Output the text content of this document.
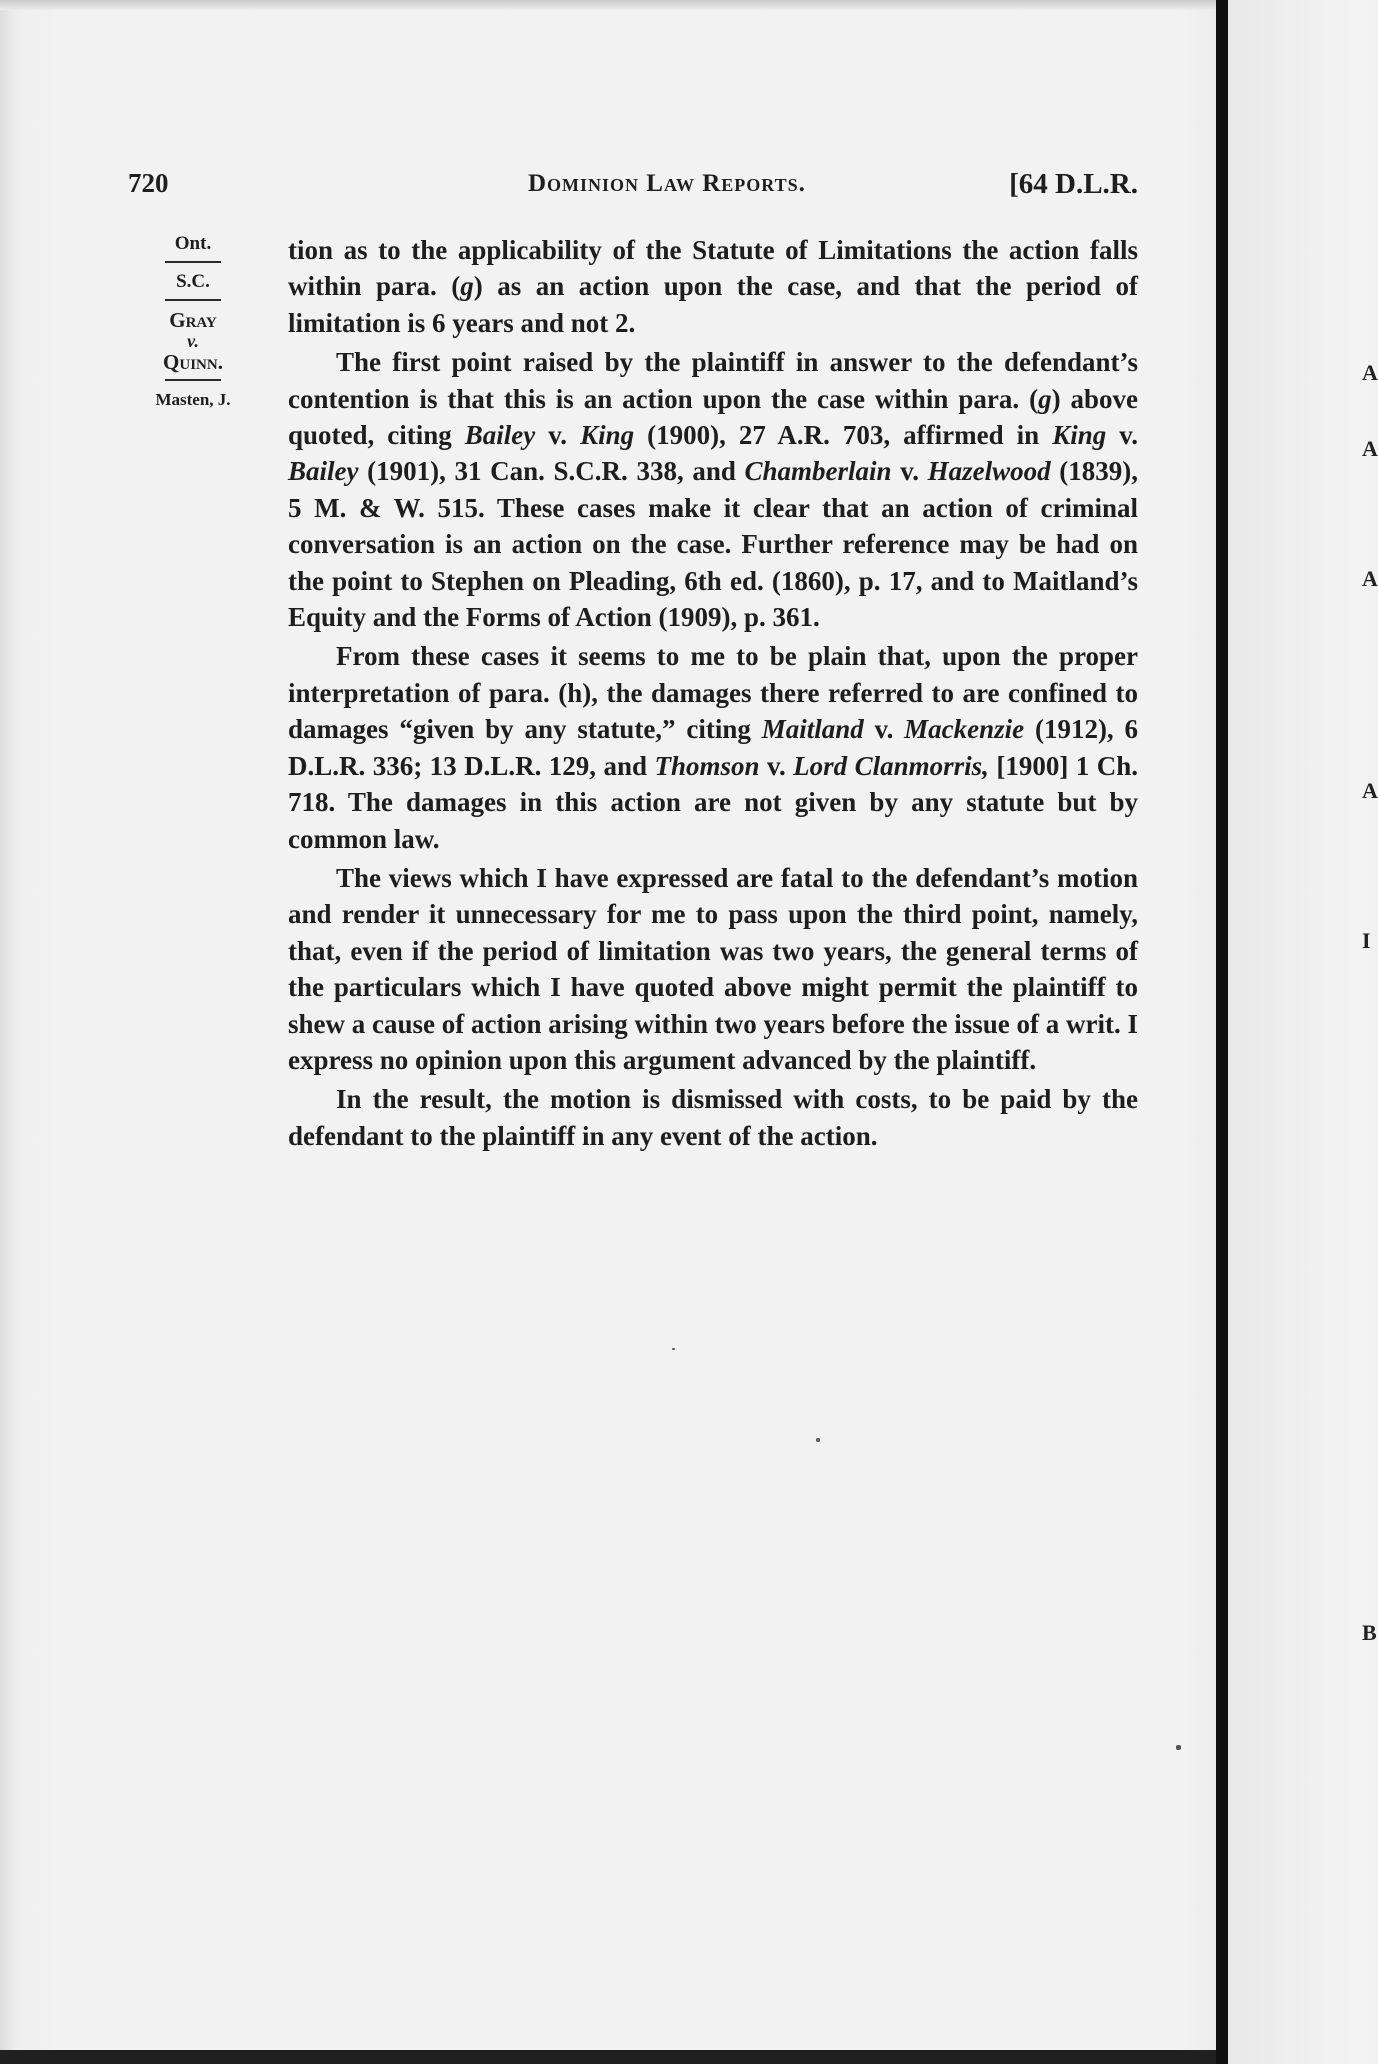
A
A
A
A
I
B
720	Dominion Law Reports.	[64 D.L.R.
Ont.
S.C.
Gray
v.
Quinn.
Masten, J.

tion as to the applicability of the Statute of Limitations the action falls within para. (g) as an action upon the case, and that the period of limitation is 6 years and not 2.

The first point raised by the plaintiff in answer to the defendant’s contention is that this is an action upon the case within para. (g) above quoted, citing Bailey v. King (1900), 27 A.R. 703, affirmed in King v. Bailey (1901), 31 Can. S.C.R. 338, and Chamberlain v. Hazelwood (1839), 5 M. & W. 515. These cases make it clear that an action of criminal conversation is an action on the case. Further reference may be had on the point to Stephen on Pleading, 6th ed. (1860), p. 17, and to Maitland’s Equity and the Forms of Action (1909), p. 361.

From these cases it seems to me to be plain that, upon the proper interpretation of para. (h), the damages there referred to are confined to damages “given by any statute,” citing Maitland v. Mackenzie (1912), 6 D.L.R. 336; 13 D.L.R. 129, and Thomson v. Lord Clanmorris, [1900] 1 Ch. 718. The damages in this action are not given by any statute but by common law.

The views which I have expressed are fatal to the defendant’s motion and render it unnecessary for me to pass upon the third point, namely, that, even if the period of limitation was two years, the general terms of the particulars which I have quoted above might permit the plaintiff to shew a cause of action arising within two years before the issue of a writ. I express no opinion upon this argument advanced by the plaintiff.

In the result, the motion is dismissed with costs, to be paid by the defendant to the plaintiff in any event of the action.
